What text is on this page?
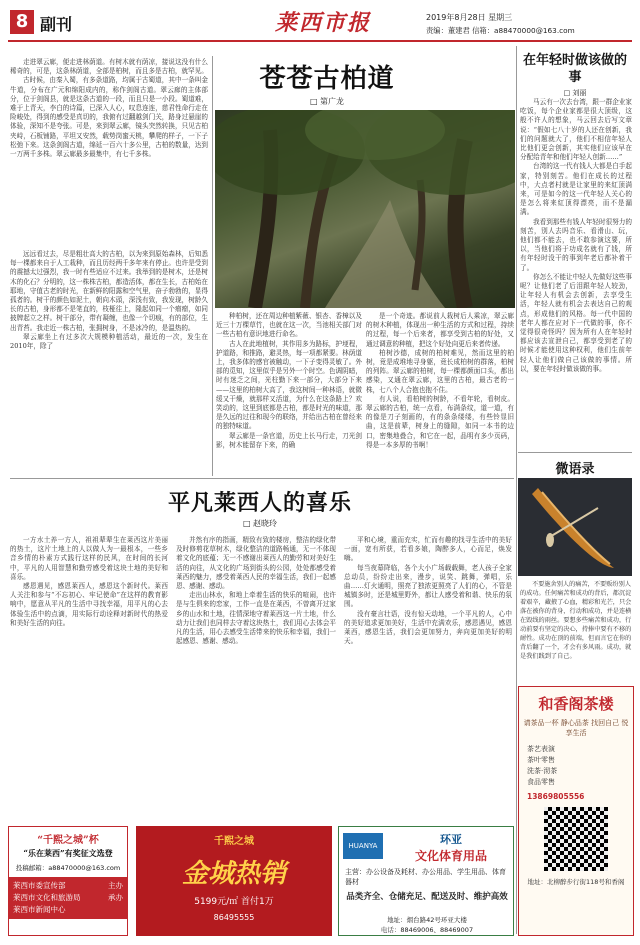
8 副刊	莱西市报	2019年8月28日 星期三
责编：董建君 信箱：a88470000@163.com

走进翠云廊，便走进林荫道。有树木就有荫凉，接说这没有什么稀奇的，可是，这条林荫道，全部是柏树，而且多是古柏，就罕见。

古时候，由秦入蜀，有多条道路，均属于古蜀道，其中一条叫金牛道，分布在广元和绵阳成内的，称作剑阁古道。翠云廊的主体部分，位于剑阁县，就是这条古道的一段，而且只是一小段。蜀道难，难于上青天，李白的诗篇，已深入人心，叹息连连，慈君性命行走在险峻处，得到的感受是真切的，我俯有过翻越剑门关，路身过悬崖的体验，深知不是夸张。可是，来到翠云廊，镜头突然转换，只见古柏夹峙，石板铺路，平坦又安然，载势岗蜜天桃，攀爬的样子，一下子松弛下来。这条剑阁古道，绵延一百六十多公里，古柏的数量，达到一万两千多株。翠云廊最多最集中，有七千多株。

苍苍古柏道
□ 第广龙

远远看过去，尽是粗壮高大的古柏，以为来到原始森林，后知悉每一棵都来自于人工栽种，而且历经两千多年来有停止。也许是受到的震撼太过强烈，我一时有些适应不过来。我举到的是树木，还是树木的化石？分明的，这一株株古柏，都造活体，都在生长，古柏始在耶地，守值古老的时光，在新鲜的阳露和空气里，奋子勃勃的，显得孤者的。树干的颜色如泥土，朝向木頭，深浅有致，我发现，树龄久长的古柏，身形都不是笔直的，枝桠往上，隆起如同一个瘤瘤，如同披牌起立之样。树干部分，带有凝缠，也像一个切痕，有的部位，生出青苔。我走近一株古柏，张拥树身，不是冰冷的，是温热的。

翠云廊坐上有过多次大规模种植活动，最近的一次，发生在2010年，除了

种柏树，还在周边种植紫薇、银杏、香樟以及近三十万棵草竹，也就在这一次，当池相关部门对一些古柏有意识地进行命名。

古人在此地植树，其作用多为路标，护埂程，护道路，和推路，避灵热，每一项都紧要。林荫道上，我多体的感官被触动，一下子变得灵敏了。外部的觅知，这里似乎是另外一个时空。色调阴暗，时有迷乏之间，光柱勤下来一部分，大部分下来——这里的柏树大高了，我这树间一种林语，就微缓又干燥，就那样又活道，为什么在这条路上？欢笑动的，这里到底都是古柏，都是时光的味道，那是久远的过往和现今的联络，并给出古柏在曾经来的独特味道。

翠云廊是一条官道，历史上长马行走，刀光剑影，树木能留存下来，的确

是一个奇迹。都说前人栽树后人乘凉，翠云廊的树木种植，体现出一种生活的方式和过程，持续的过程，每一个后来者，都享受到古柏的好处，又通过调意的种植，把这个好处向更后来者传递。

柏树沙德，成树的柏树难见，然而这里的柏树，竟是成堆地寻身躯，竟长成柏树的群落，柏树的列阵。翠云廊的柏树，每一棵都颜面口头，都出感染，又通在翠云廊，这里的古柏，最古老的一株，七八个人合抱也抱不住。

有人说，看柏树的树龄，不看年轮，看树皮。翠云廊的古柏，统一点看，布满条纹，道一道，有的像是刀子刻画的，有的条条缕缕，有些铃显旧曲，这是前辈，树身上的缝隙，如同一本书的边口，密集地叠合，和它在一起，品明有多少页码，得是一本多厚的书啊！

在年轻时做该做的事
□ 刘丽

马云有一次去台湾，跟一群企业家吃饭，每个企业家都是很大顶级，这般不许人的想象，马云回去后写文章说：“假如七八十岁的人还在创新，我们的问题就大了，他们不相信年轻人比他们更会创新，其实他们应该早在分配给青年和他们年轻人创新……”

台湾的这一代有钱人大都是白手起家，特别刻苦。他们在成长的过程中，大点者村就是让家里的来紅顶满来，可是如今的这一代年轻人关心的是怎么将来紅顶得漂亮，而不是漏满。

我看到那些有钱人年轻时很努力的刻苦，别人去吗音乐、看滑山、玩，他们都不能去，也不敢参演这要，所以，当他们将于功成名就有了钱，所有年轻时没干的事到年老后都补着干了。

你怎么不能让中轻人先做好这些事呢？让他们老了后泪跟年轻人较劲，让年轻人有机会去创新，去享受生活，年轻人就有机会去表达自己的观点，形成他们的风格。每一代中国的老年人都在应对下一代做的事，你不觉得很奇怪吗？因为所有人在年轻时都应该去宣泄自己，都享受到老了的时候才能使用这种权利，他们生前年轻人让他们做自己该做的事情。所以，要在年轻时做该做的事。

微语录
不要施舍别人的痛苦，不要贩纷别人的成功。任何痛苦和成功的背后，都沉淀着艰辛，藏掖了心血，精彩和光芒，只会落在被你的背身，行动和成功，并是连横在毁线的雨丝。要想多些痛苦和成功，行动前要有坚定的决心，持捧中要有不移的耐性。成功在顶的前端，但而言它在你的背后翻了一个，才会有多风雨。成功，就是我们践到了自己。
平凡莱西人的喜乐
□ 赵晓玲

一方水土养一方人，祖祖辈辈生在莱西这片美丽的热土，这片土地上的人以做人为一最根本，一些乡音乡情的朴素方式践行这样的民风，在时间的长河中，平凡的人用智慧和勤劳感受着这块土地的美好和喜乐。

感恩遇见，感恩莱西人，感恩这个新时代。莱西人关注和参与“不忘初心、牢记使命”在这样的教育影响中，愿意从平凡的生活中寻找幸福，用平凡的心去体验生活中的点滴，用实际行动诠释对新时代的热爱和美好生活的向往。

并然有序的指画，精致有致的楼房，整洁的绿化带及时修剪花草树木，绿化整洁的道路畅通，无一不体现着文化的底蕴；无一不感谢出莱西人的勤劳和对美好生活的向往，从文化的广场到街头的公园，处处都感受着莱西的魅力，感受着莱西人民的幸福生活，我们一起感恩、感谢、感动。

走出山林水，和地上牵着生活的快乐的喧闹，也许是与生俱来的恋家，工作一直是在莱西，不曾离开过家乡的山水和土地，往情深地守着莱西这一片土地，什么动力让我们也同样去守着这块热土，我们用心去体会平凡的生活，用心去感受生活带来的快乐和幸福，我们一起感恩、感谢、感动。

平和心境，重而充实，忙而有趣的找寻生活中的美好一面，宽有所获，若看多娘，陶醉多人，心而足，焕发嗨。

每当夜幕降临，各个大小广场载载舞，老人孩子全家总动员，纷纷走出来，漫步，说笑、跳舞，弹唱，乐曲……灯火通明，照亮了独浓更照亮了人们的心，不管是城镇多时，还是城里野外，都让人感受着和谐、快乐的氛围。

没有豪言壮语，没有惊天动地，一个平凡的人，心中的美好追求更加美好，生活中充满欢乐，感恩遇见，感恩莱西，感恩生活，我们会更加努力，奔向更加美好的明天。

“千熙之城”杯
“乐在莱西”有奖征文选登
投稿邮箱：a88470000@163.com
莱西市委宣传部	主办
莱西市文化和旅游局	承办
莱西市新闻中心
千熙之城
金城热销
5199元/㎡ 首付1万
86495555
HUANYA	环亚
文化体育用品
主营：办公设备及耗材、办公用品、学生用品、体育器材
品类齐全、仓储充足、配送及时、维护高效
地址：烟台路42号环亚大楼
电话：88469006、88469007
和香阁茶楼
请茶品一杯 静心品茶 找回自己 悦享生活
茶艺表演
茶叶零售
洗茶·沏茶
食品零售
13869805556
地址：北柳醉步行街118号和香阁
